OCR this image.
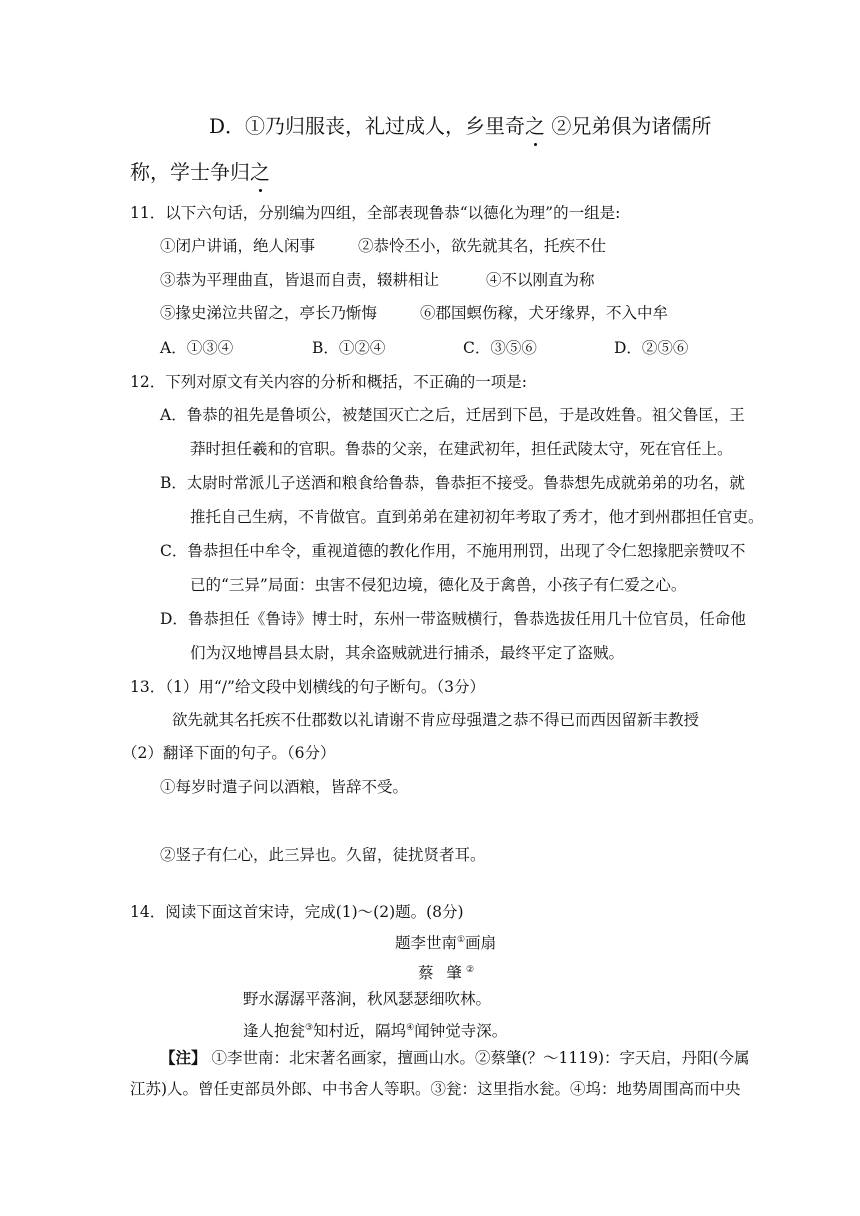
D．①乃归服丧，礼过成人，乡里奇之 ②兄弟俱为诸儒所
称，学士争归之
11．以下六句话，分别编为四组，全部表现鲁恭“以德化为理”的一组是:
①闭户讲诵，绝人闲事	②恭怜丕小，欲先就其名，托疾不仕
③恭为平理曲直，皆退而自责，辍耕相让	④不以刚直为称
⑤掾史涕泣共留之，亭长乃惭悔	⑥郡国螟伤稼，犬牙缘界，不入中牟
A．①③④	B．①②④	C．③⑤⑥	D．②⑤⑥
12．下列对原文有关内容的分析和概括，不正确的一项是:
A．鲁恭的祖先是鲁顷公，被楚国灭亡之后，迁居到下邑，于是改姓鲁。祖父鲁匡，王
莽时担任羲和的官职。鲁恭的父亲，在建武初年，担任武陵太守，死在官任上。
B．太尉时常派儿子送酒和粮食给鲁恭，鲁恭拒不接受。鲁恭想先成就弟弟的功名，就
推托自己生病，不肯做官。直到弟弟在建初初年考取了秀才，他才到州郡担任官吏。
C．鲁恭担任中牟令，重视道德的教化作用，不施用刑罚，出现了令仁恕掾肥亲赞叹不
已的“三异”局面：虫害不侵犯边境，德化及于禽兽，小孩子有仁爱之心。
D．鲁恭担任《鲁诗》博士时，东州一带盗贼横行，鲁恭选拔任用几十位官员，任命他
们为汉地博昌县太尉，其余盗贼就进行捕杀，最终平定了盗贼。
13．（1）用“/”给文段中划横线的句子断句。（3分）
欲先就其名托疾不仕郡数以礼请谢不肯应母强遣之恭不得已而西因留新丰教授
（2）翻译下面的句子。（6分）
①每岁时遣子问以酒粮，皆辞不受。
②竖子有仁心，此三异也。久留，徒扰贤者耳。
14．阅读下面这首宋诗，完成(1)～(2)题。(8分)
题李世南①画扇
蔡 肇②
野水潺潺平落涧，秋风瑟瑟细吹林。
逢人抱瓮③知村近，隔坞④闻钟觉寺深。
【注】 ①李世南：北宋著名画家，擅画山水。②蔡肇(？～1119)：字天启，丹阳(今属
江苏)人。曾任吏部员外郎、中书舍人等职。③瓮：这里指水瓮。④坞：地势周围高而中央
